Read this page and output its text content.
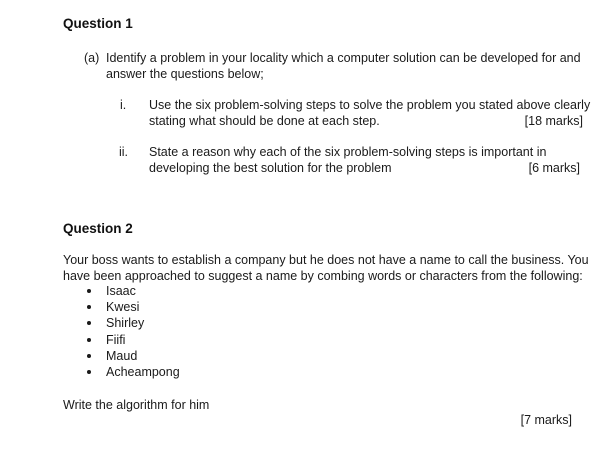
Question 1
(a) Identify a problem in your locality which a computer solution can be developed for and
answer the questions below;
i. Use the six problem-solving steps to solve the problem you stated above clearly
stating what should be done at each step.	[18 marks]
ii. State a reason why each of the six problem-solving steps is important in
developing the best solution for the problem	[6 marks]
Question 2
Your boss wants to establish a company but he does not have a name to call the business. You
have been approached to suggest a name by combing words or characters from the following:
Isaac
Kwesi
Shirley
Fiifi
Maud
Acheampong
Write the algorithm for him
[7 marks]
